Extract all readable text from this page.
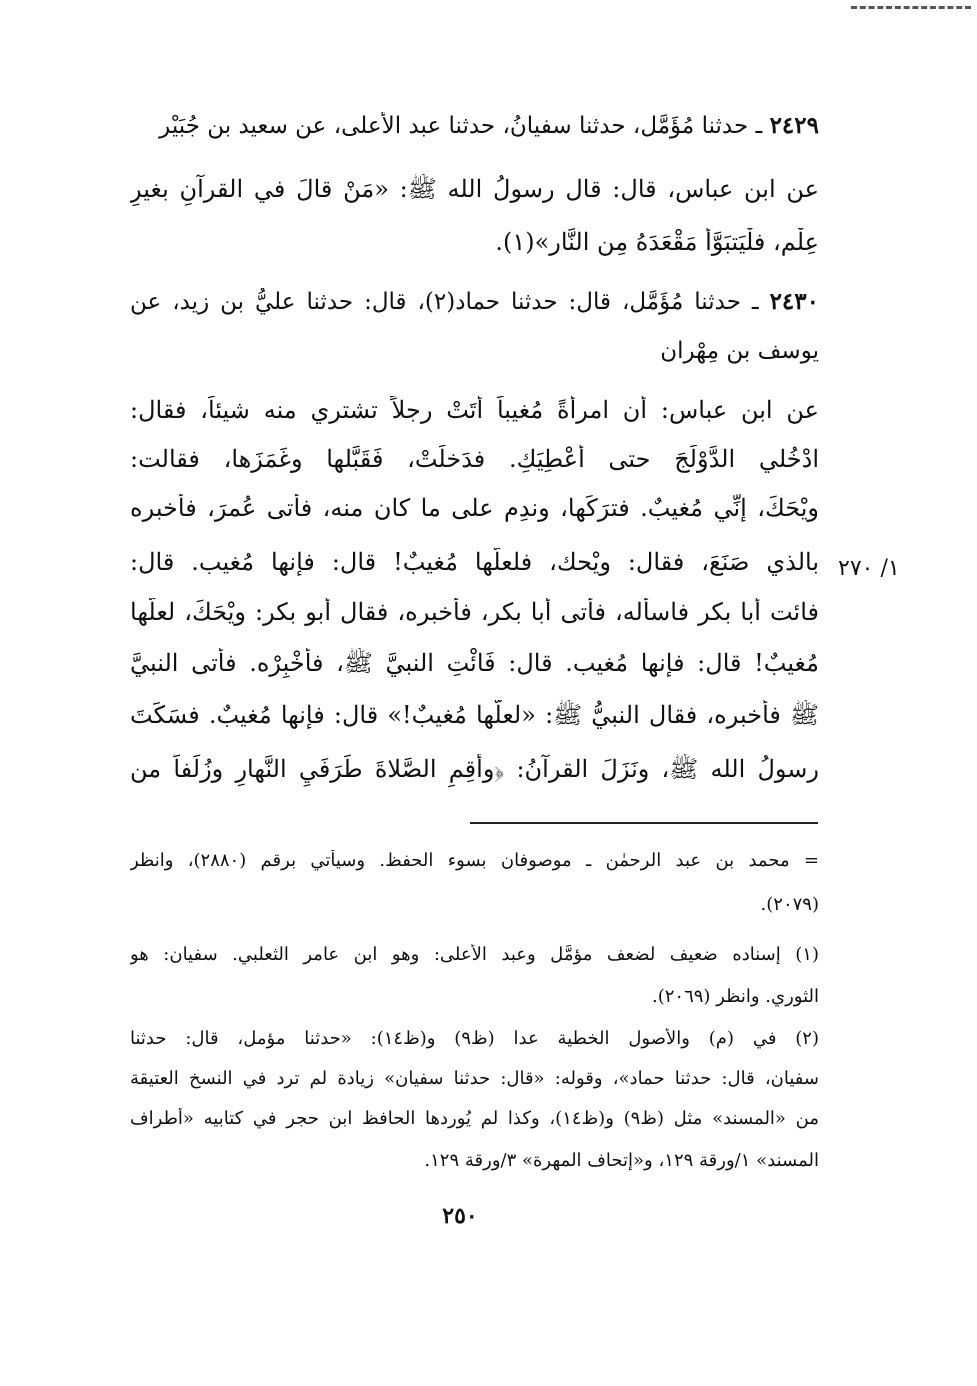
٢٤٢٩ ـ حدثنا مُؤَمَّل، حدثنا سفيانُ، حدثنا عبد الأعلى، عن سعيد بن جُبَيْر
عن ابن عباس، قال: قال رسولُ الله ﷺ: «مَنْ قالَ في القرآنِ بغيرِ
عِلْمٍ، فلْيَتبَوَّأْ مَقْعَدَهُ مِن النَّارِ»(١).
٢٤٣٠ ـ حدثنا مُؤَمَّل، قال: حدثنا حماد(٢)، قال: حدثنا عليُّ بن زيد، عن
يوسف بن مِهْران
عن ابن عباس: أن امرأةً مُغيباً أَتَتْ رجلاً تشتري منه شيئاً، فقال:
ادْخُلي الدَّوْلَجَ حتى أُعْطِيَكِ. فدَخلَتْ، فَقَبَّلها وغَمَزَها، فقالت:
ويْحَكَ، إنِّي مُغيبٌ. فترَكَها، وندِم على ما كان منه، فأتى عُمرَ، فأخبره
بالذي صَنَعَ، فقال: ويْحك، فلعلَّها مُغيبٌ! قال: فإنها مُغيب. قال:
فائت أبا بكر فاسأله، فأتى أبا بكر، فأخبره، فقال أبو بكر: ويْحَكَ، لعلَّها
مُغيبٌ! قال: فإنها مُغيب. قال: فَائْتِ النبيَّ ﷺ، فأَخْبِرْه. فأتى النبيَّ
ﷺ فأخبره، فقال النبيُّ ﷺ: «لعلَّها مُغيبٌ!» قال: فإنها مُغيبٌ. فسَكَتَ
رسولُ الله ﷺ، ونَزَلَ القرآنُ: ﴿وأَقِمِ الصَّلاةَ طَرَفَيِ النَّهارِ وزُلَفاً من
١/ ٢٧٠
= محمد بن عبد الرحمٰن ـ موصوفان بسوء الحفظ. وسيأتي برقم (٢٨٨٠)، وانظر
(٢٠٧٩).
(١) إسناده ضعيف لضعف مؤمَّل وعبد الأعلى: وهو ابن عامر الثعلبي. سفيان: هو
الثوري. وانظر (٢٠٦٩).
(٢) في (م) والأصول الخطية عدا (ظ٩) و(ظ١٤): «حدثنا مؤمل، قال: حدثنا
سفيان، قال: حدثنا حماد»، وقوله: «قال: حدثنا سفيان» زيادة لم ترد في النسخ العتيقة
من «المسند» مثل (ظ٩) و(ظ١٤)، وكذا لم يُوردها الحافظ ابن حجر في كتابيه «أطراف
المسند» ١/ورقة ١٢٩، و«إتحاف المهرة» ٣/ورقة ١٢٩.
٢٥٠
